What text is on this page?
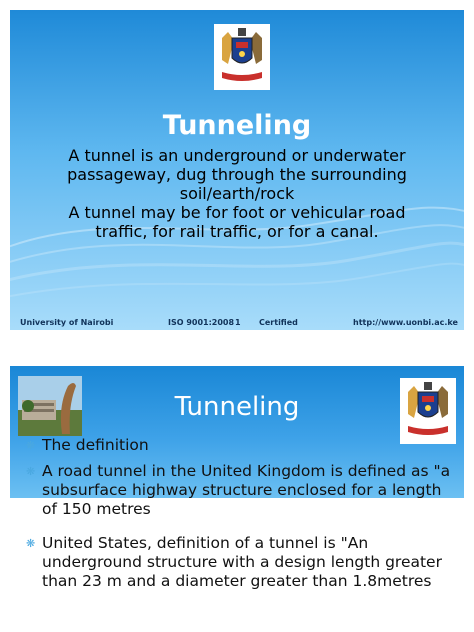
Tunneling
A tunnel is an underground or underwater passageway, dug through the surrounding soil/earth/rock
A tunnel may be for foot or vehicular road traffic, for rail traffic, or for a canal.
University of Nairobi	ISO 9001:2008 1 Certified	http://www.uonbi.ac.ke
Tunneling
❋ The definition
❋ A road tunnel in the United Kingdom is defined as "a subsurface highway structure enclosed for a length of 150 metres
❋ United States, definition of a tunnel is "An underground structure with a design length greater than 23 m and a diameter greater than 1.8metres
